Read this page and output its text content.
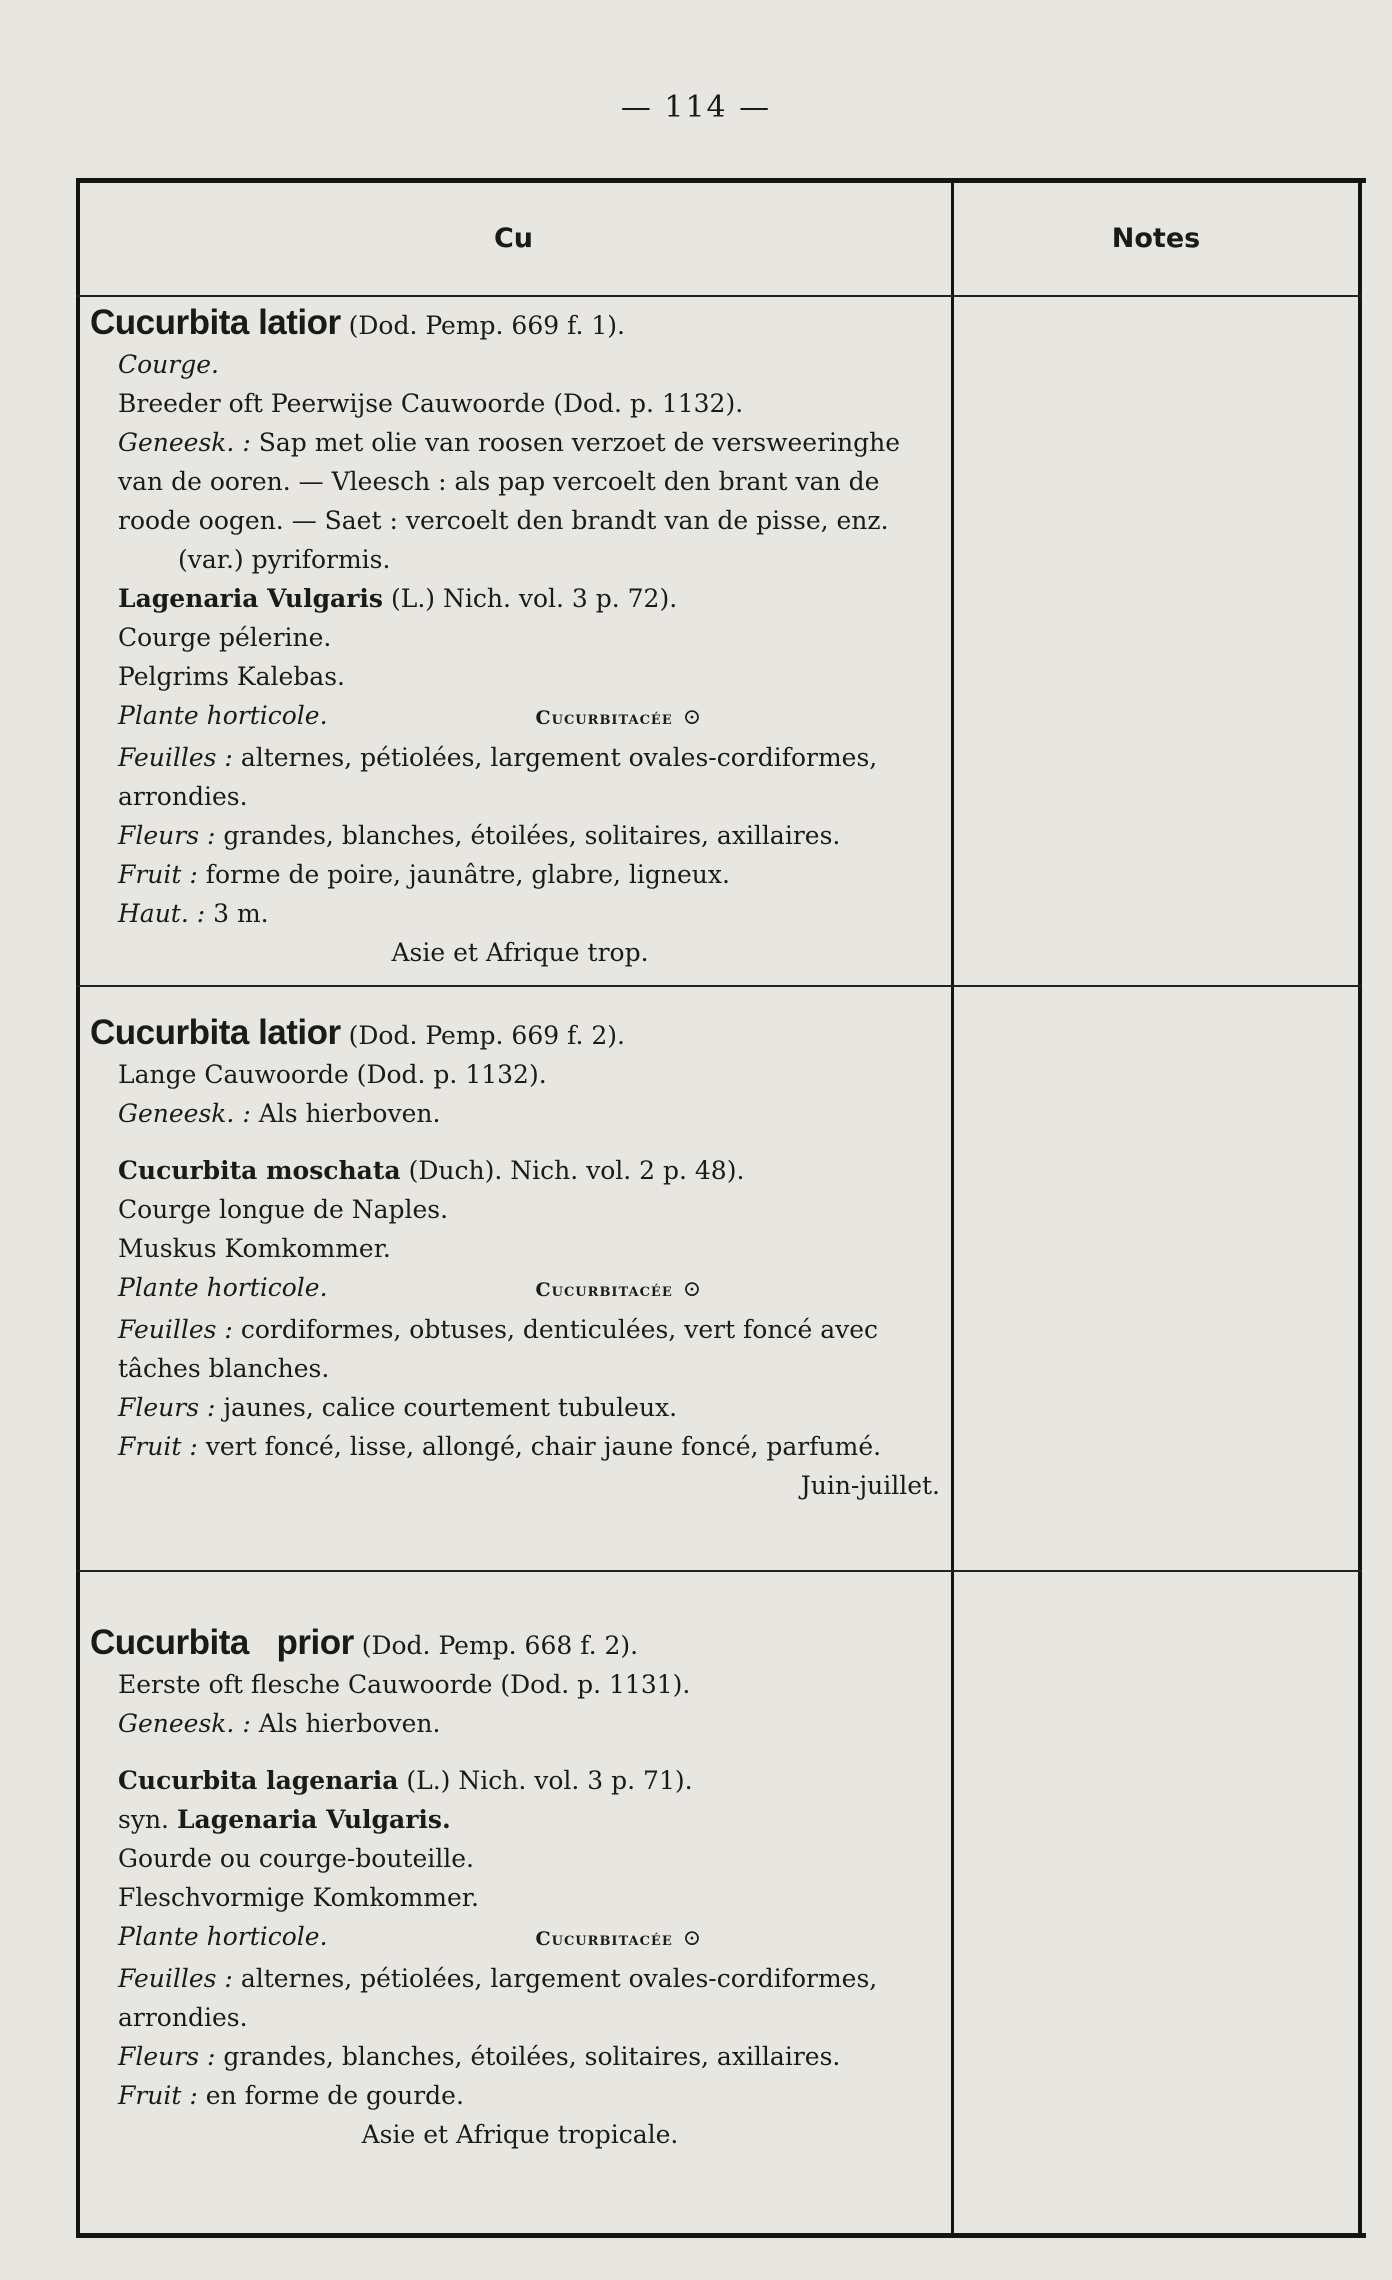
— 114 —
Cu	Notes
Cucurbita latior (Dod. Pemp. 669 f. 1).
Courge.
Breeder oft Peerwijse Cauwoorde (Dod. p. 1132).
Geneesk. : Sap met olie van roosen verzoet de versweeringhe van de ooren. — Vleesch : als pap vercoelt den brant van de roode oogen. — Saet : vercoelt den brandt van de pisse, enz. (var.) pyriformis.
Lagenaria Vulgaris (L.) Nich. vol. 3 p. 72).
Courge pélerine.
Pelgrims Kalebas.
Plante horticole.	Cucurbitacée ⊙
Feuilles : alternes, pétiolées, largement ovales-cordiformes, arrondies.
Fleurs : grandes, blanches, étoilées, solitaires, axillaires.
Fruit : forme de poire, jaunâtre, glabre, ligneux.
Haut. : 3 m.
Asie et Afrique trop.
Cucurbita latior (Dod. Pemp. 669 f. 2).
Lange Cauwoorde (Dod. p. 1132).
Geneesk. : Als hierboven.
Cucurbita moschata (Duch). Nich. vol. 2 p. 48).
Courge longue de Naples.
Muskus Komkommer.
Plante horticole.	Cucurbitacée ⊙
Feuilles : cordiformes, obtuses, denticulées, vert foncé avec tâches blanches.
Fleurs : jaunes, calice courtement tubuleux.
Fruit : vert foncé, lisse, allongé, chair jaune foncé, parfumé.
Juin-juillet.
Cucurbita   prior (Dod. Pemp. 668 f. 2).
Eerste oft flesche Cauwoorde (Dod. p. 1131).
Geneesk. : Als hierboven.
Cucurbita lagenaria (L.) Nich. vol. 3 p. 71).
syn. Lagenaria Vulgaris.
Gourde ou courge-bouteille.
Fleschvormige Komkommer.
Plante horticole.	Cucurbitacée ⊙
Feuilles : alternes, pétiolées, largement ovales-cordiformes, arrondies.
Fleurs : grandes, blanches, étoilées, solitaires, axillaires.
Fruit : en forme de gourde.
Asie et Afrique tropicale.
